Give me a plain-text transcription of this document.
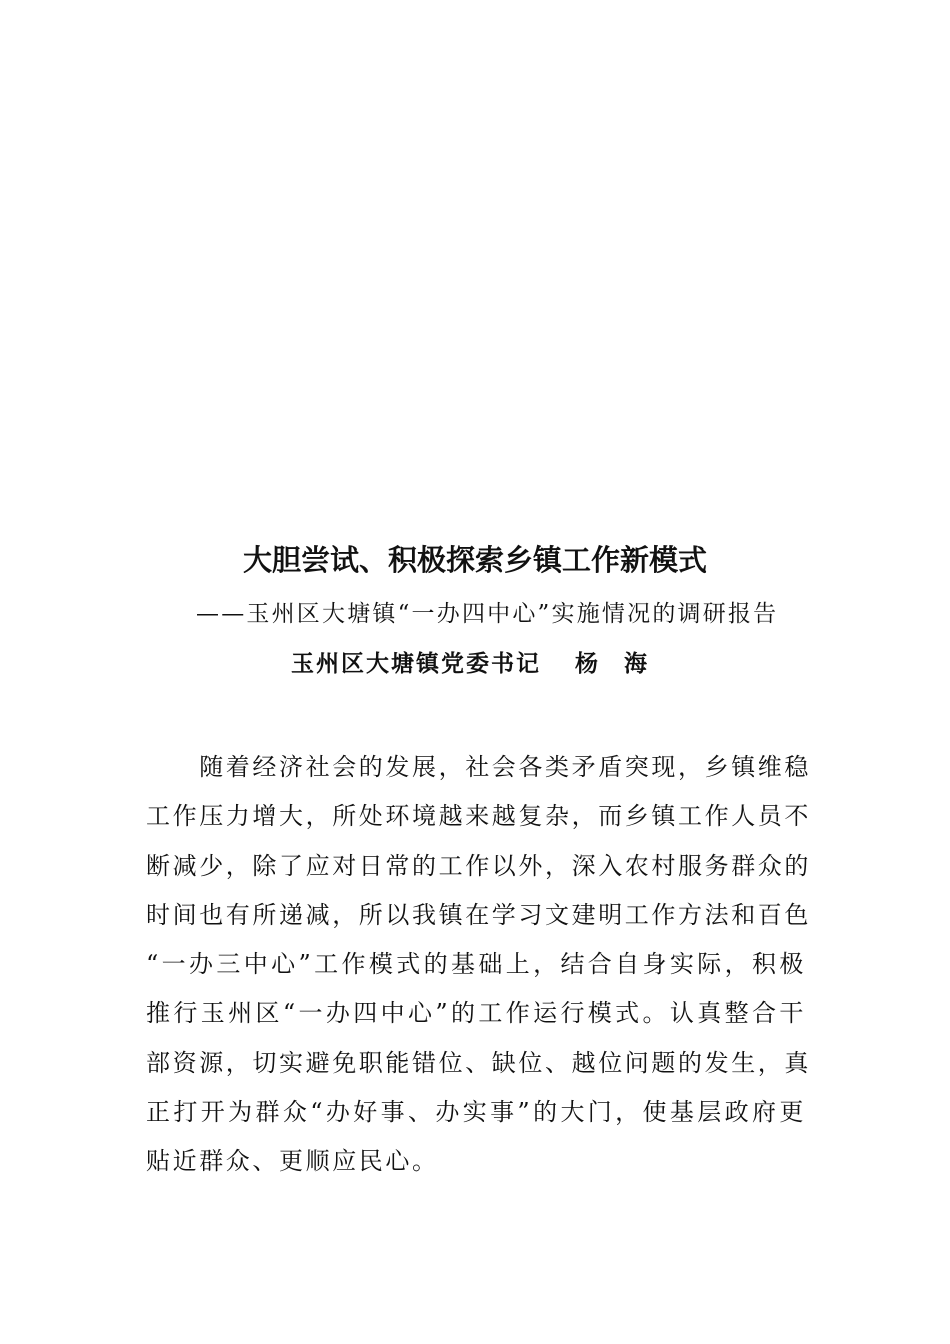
大胆尝试、积极探索乡镇工作新模式
——玉州区大塘镇“一办四中心”实施情况的调研报告
玉州区大塘镇党委书记 杨 海
　　随着经济社会的发展，社会各类矛盾突现，乡镇维稳
工作压力增大，所处环境越来越复杂，而乡镇工作人员不
断减少，除了应对日常的工作以外，深入农村服务群众的
时间也有所递减，所以我镇在学习文建明工作方法和百色
“一办三中心”工作模式的基础上，结合自身实际，积极
推行玉州区“一办四中心”的工作运行模式。认真整合干
部资源，切实避免职能错位、缺位、越位问题的发生，真
正打开为群众“办好事、办实事”的大门，使基层政府更
贴近群众、更顺应民心。
